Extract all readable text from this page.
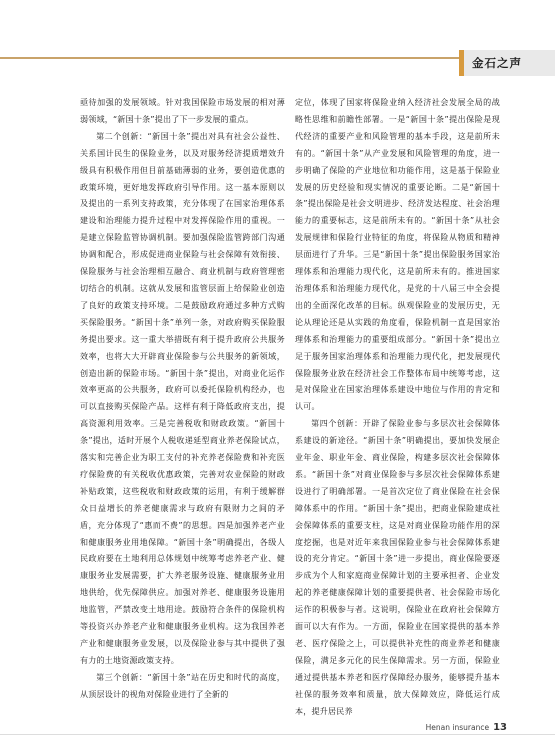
金石之声

亟待加强的发展领域。针对我国保险市场发展的相对薄弱领域，“新国十条”提出了下一步发展的重点。

第二个创新：“新国十条”提出对具有社会公益性、关系国计民生的保险业务，以及对服务经济提质增效升级具有积极作用但目前基础薄弱的业务，要创造优惠的政策环境，更好地发挥政府引导作用。这一基本原则以及提出的一系列支持政策，充分体现了在国家治理体系建设和治理能力提升过程中对发挥保险作用的重视。一是建立保险监管协调机制。要加强保险监管跨部门沟通协调和配合，形成促进商业保险与社会保障有效衔接、保险服务与社会治理相互融合、商业机制与政府管理密切结合的机制。这就从发展和监管层面上给保险业创造了良好的政策支持环境。二是鼓励政府通过多种方式购买保险服务。“新国十条”单列一条，对政府购买保险服务提出要求。这一重大举措既有利于提升政府公共服务效率，也将大大开辟商业保险参与公共服务的新领域，创造出新的保险市场。“新国十条”提出，对商业化运作效率更高的公共服务，政府可以委托保险机构经办，也可以直接购买保险产品。这样有利于降低政府支出，提高资源利用效率。三是完善税收和财政政策。“新国十条”提出，适时开展个人税收递延型商业养老保险试点，落实和完善企业为职工支付的补充养老保险费和补充医疗保险费的有关税收优惠政策，完善对农业保险的财政补贴政策，这些税收和财政政策的运用，有利于缓解群众日益增长的养老健康需求与政府有限财力之间的矛盾，充分体现了“惠而不费”的思想。四是加强养老产业和健康服务业用地保障。“新国十条”明确提出，各级人民政府要在土地利用总体规划中统筹考虑养老产业、健康服务业发展需要，扩大养老服务设施、健康服务业用地供给，优先保障供应。加强对养老、健康服务设施用地监管，严禁改变土地用途。鼓励符合条件的保险机构等投资兴办养老产业和健康服务业机构。这为我国养老产业和健康服务业发展，以及保险业参与其中提供了强有力的土地资源政策支持。

第三个创新：“新国十条”站在历史和时代的高度，从顶层设计的视角对保险业进行了全新的

定位，体现了国家将保险业纳入经济社会发展全局的战略性思维和前瞻性部署。一是“新国十条”提出保险是现代经济的重要产业和风险管理的基本手段，这是前所未有的。“新国十条”从产业发展和风险管理的角度，进一步明确了保险的产业地位和功能作用，这是基于保险业发展的历史经验和现实情况的重要论断。二是“新国十条”提出保险是社会文明进步、经济发达程度、社会治理能力的重要标志，这是前所未有的。“新国十条”从社会发展规律和保险行业特征的角度，将保险从物质和精神层面进行了升华。三是“新国十条”提出保险服务国家治理体系和治理能力现代化，这是前所未有的。推进国家治理体系和治理能力现代化，是党的十八届三中全会提出的全面深化改革的目标。纵观保险业的发展历史，无论从理论还是从实践的角度看，保险机制一直是国家治理体系和治理能力的重要组成部分。“新国十条”提出立足于服务国家治理体系和治理能力现代化，把发展现代保险服务业放在经济社会工作整体布局中统筹考虑，这是对保险业在国家治理体系建设中地位与作用的肯定和认可。

第四个创新：开辟了保险业参与多层次社会保障体系建设的新途径。“新国十条”明确提出，要加快发展企业年金、职业年金、商业保险，构建多层次社会保障体系。“新国十条”对商业保险参与多层次社会保障体系建设进行了明确部署。一是首次定位了商业保险在社会保障体系中的作用。“新国十条”提出，把商业保险建成社会保障体系的重要支柱，这是对商业保险功能作用的深度挖掘，也是对近年来我国保险业参与社会保障体系建设的充分肯定。“新国十条”进一步提出，商业保险要逐步成为个人和家庭商业保障计划的主要承担者、企业发起的养老健康保障计划的重要提供者、社会保险市场化运作的积极参与者。这说明，保险业在政府社会保障方面可以大有作为。一方面，保险业在国家提供的基本养老、医疗保险之上，可以提供补充性的商业养老和健康保险，满足多元化的民生保障需求。另一方面，保险业通过提供基本养老和医疗保障经办服务，能够提升基本社保的服务效率和质量，放大保障效应，降低运行成本，提升居民养

Henan insurance 13
